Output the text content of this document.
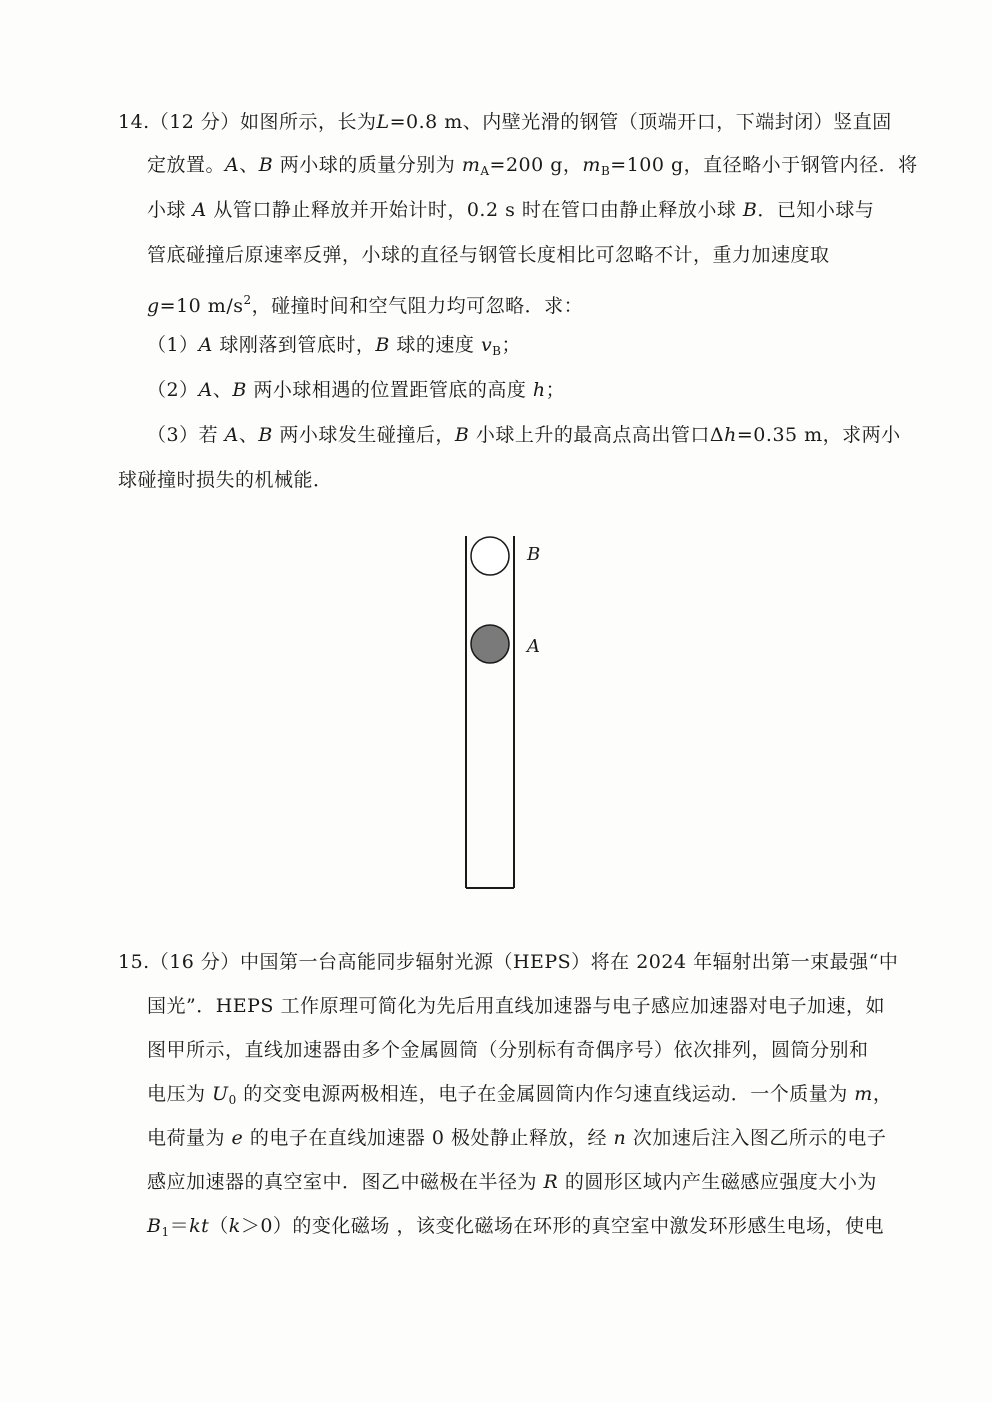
14.（12 分）如图所示，长为L=0.8 m、内壁光滑的钢管（顶端开口，下端封闭）竖直固
定放置。A、B 两小球的质量分别为 $m_A=200$ g，$m_B=100$ g，直径略小于钢管内径．将
小球 A 从管口静止释放并开始计时，0.2 s 时在管口由静止释放小球 B．已知小球与
管底碰撞后原速率反弹，小球的直径与钢管长度相比可忽略不计，重力加速度取
g=10 $m/s^2$，碰撞时间和空气阻力均可忽略．求：
（1）A 球刚落到管底时，B 球的速度 $v_B$；
（2）A、B 两小球相遇的位置距管底的高度 h；
（3）若 A、B 两小球发生碰撞后，B 小球上升的最高点高出管口Δh=0.35 m，求两小
球碰撞时损失的机械能．
B
A
15.（16 分）中国第一台高能同步辐射光源（HEPS）将在 2024 年辐射出第一束最强“中
国光”．HEPS 工作原理可简化为先后用直线加速器与电子感应加速器对电子加速，如
图甲所示，直线加速器由多个金属圆筒（分别标有奇偶序号）依次排列，圆筒分别和
电压为 $U_0$ 的交变电源两极相连，电子在金属圆筒内作匀速直线运动．一个质量为 m，
电荷量为 e 的电子在直线加速器 0 极处静止释放，经 n 次加速后注入图乙所示的电子
感应加速器的真空室中．图乙中磁极在半径为 R 的圆形区域内产生磁感应强度大小为
$B_1=kt(k>0)$的变化磁场 ，该变化磁场在环形的真空室中激发环形感生电场，使电
